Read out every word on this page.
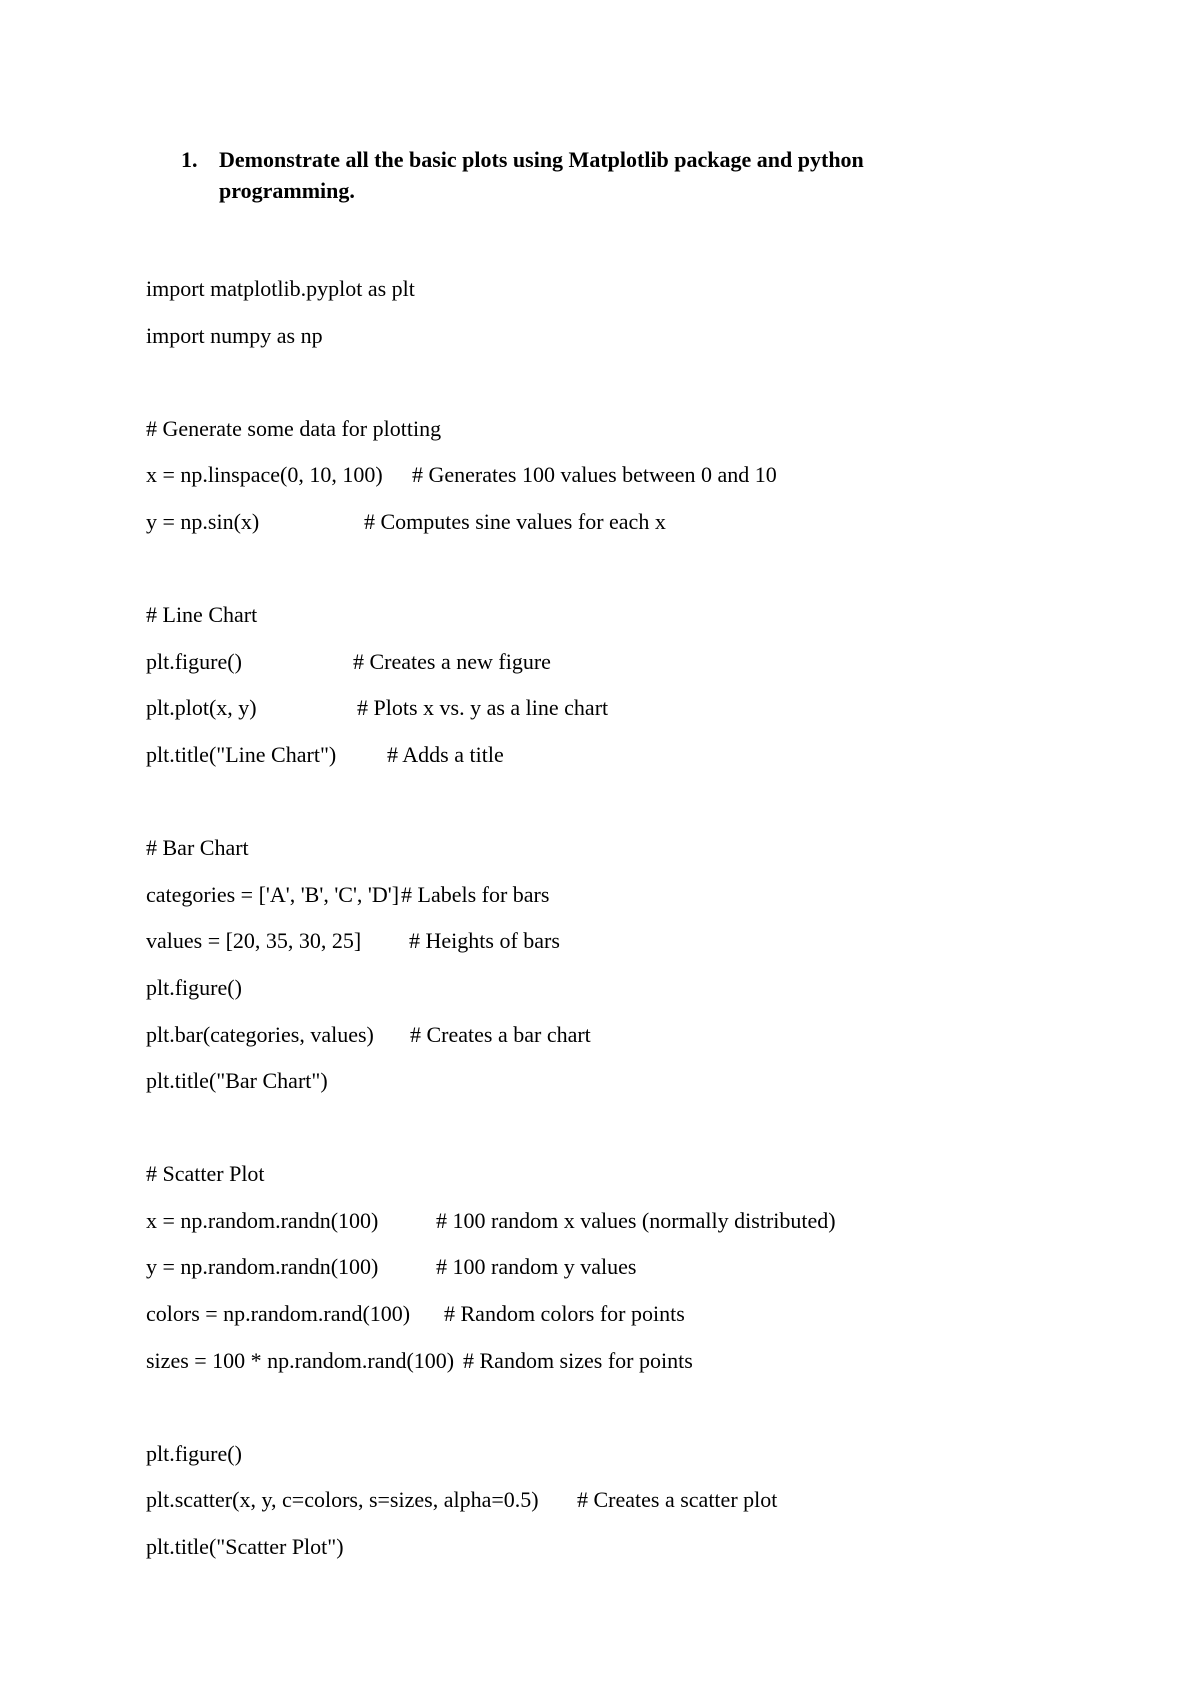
1. Demonstrate all the basic plots using Matplotlib package and python programming.
import matplotlib.pyplot as plt
import numpy as np
# Generate some data for plotting
x = np.linspace(0, 10, 100) # Generates 100 values between 0 and 10
y = np.sin(x)	# Computes sine values for each x
# Line Chart
plt.figure()	# Creates a new figure
plt.plot(x, y)	# Plots x vs. y as a line chart
plt.title("Line Chart") # Adds a title
# Bar Chart
categories = ['A', 'B', 'C', 'D'] # Labels for bars
values = [20, 35, 30, 25] # Heights of bars
plt.figure()
plt.bar(categories, values) # Creates a bar chart
plt.title("Bar Chart")
# Scatter Plot
x = np.random.randn(100)	# 100 random x values (normally distributed)
y = np.random.randn(100)	# 100 random y values
colors = np.random.rand(100) # Random colors for points
sizes = 100 * np.random.rand(100) # Random sizes for points
plt.figure()
plt.scatter(x, y, c=colors, s=sizes, alpha=0.5) # Creates a scatter plot
plt.title("Scatter Plot")
